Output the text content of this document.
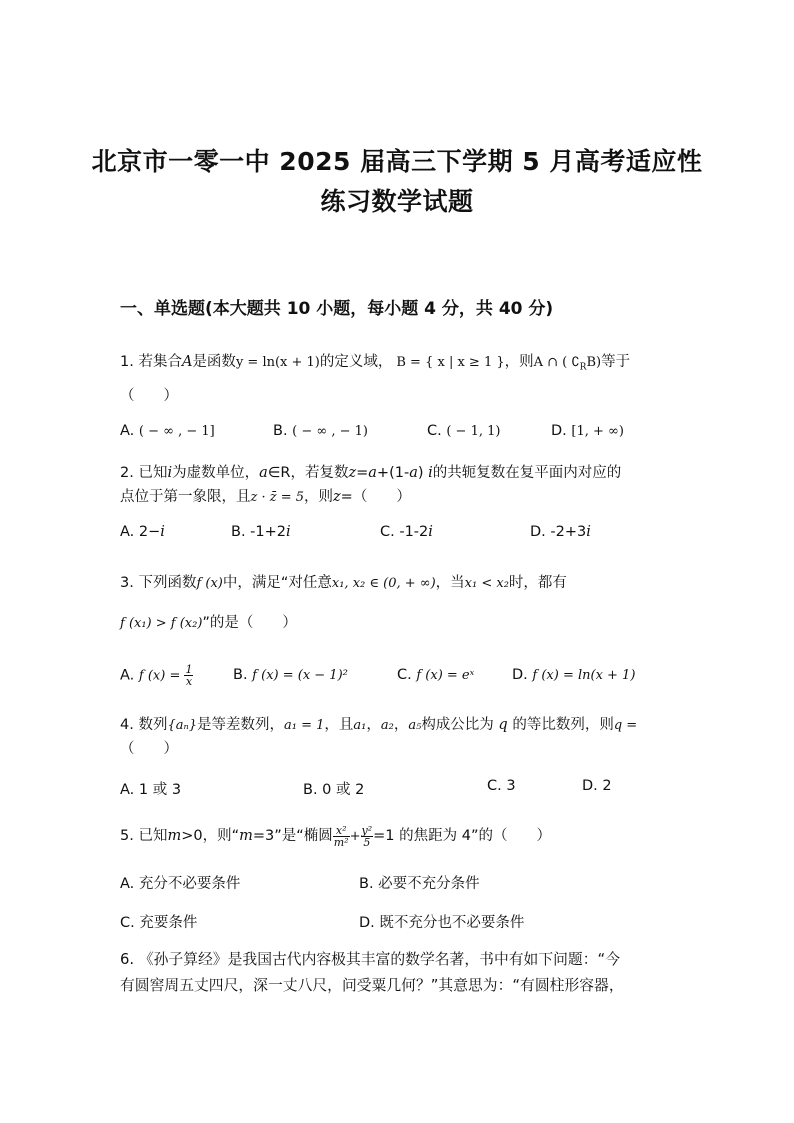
北京市一零一中 2025 届高三下学期 5 月高考适应性
练习数学试题
一、单选题(本大题共 10 小题，每小题 4 分，共 40 分)
1. 若集合A是函数y = ln(x + 1)的定义域， B = { x | x ≥ 1 }，则A ∩ ( $∁_RB$)等于
（　　）
A. ( − ∞ , − 1]	B. ( − ∞ , − 1)	C. ( − 1, 1)	D. [1, + ∞)
2. 已知i为虚数单位，a∈R，若复数z=a+(1-a) i的共轭复数在复平面内对应的
点位于第一象限，且z · z̄ = 5，则z=（　　）
A. 2−i	B. -1+2i	C. -1-2i	D. -2+3i
3. 下列函数f (x)中，满足“对任意x₁, x₂ ∈ (0, + ∞)，当x₁ < x₂时，都有
f (x₁) > f (x₂)”的是（　　）
A. f $(x) = \frac{1}{x}$	B. f (x) = (x − 1)²	C. f (x) = eˣ	D. f (x) = ln(x + 1)
4. 数列{aₙ}是等差数列，a₁ = 1，且a₁，a₂，a₅构成公比为 q 的等比数列，则q =
（　　）
A. 1 或 3	B. 0 或 2	C. 3	D. 2
5. 已知m>0，则“m=3”是“椭圆 $\frac{\text{x²}}{\text{m²}} + \frac{\text{y²}}{5} =1$ 的焦距为 4”的（　　）
A. 充分不必要条件	B. 必要不充分条件
C. 充要条件	D. 既不充分也不必要条件
6. 《孙子算经》是我国古代内容极其丰富的数学名著，书中有如下问题：“今
有圆窖周五丈四尺，深一丈八尺，问受粟几何？”其意思为：“有圆柱形容器，
